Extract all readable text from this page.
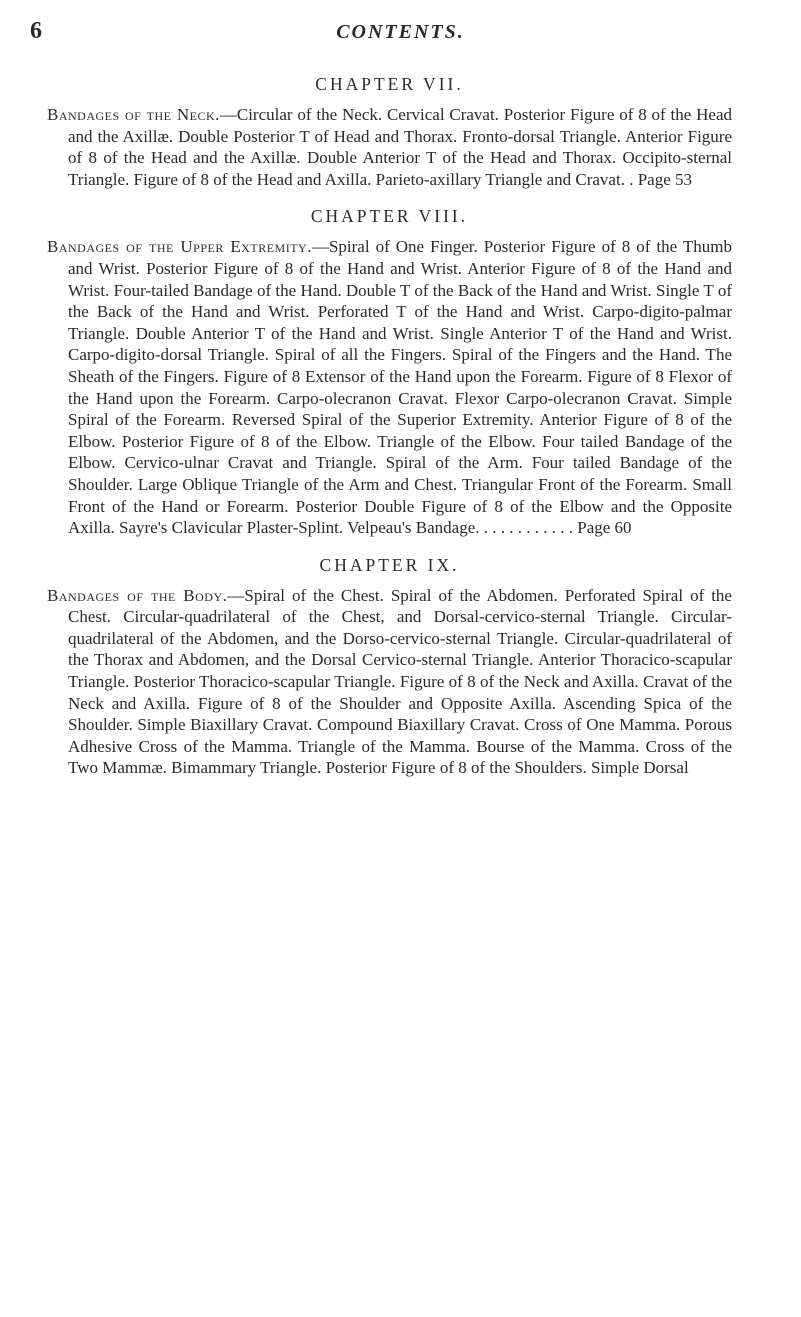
6	CONTENTS.
CHAPTER VII.

Bandages of the Neck.—Circular of the Neck. Cervical Cravat. Posterior Figure of 8 of the Head and the Axillæ. Double Posterior T of Head and Thorax. Fronto-dorsal Triangle. Anterior Figure of 8 of the Head and the Axillæ. Double Anterior T of the Head and Thorax. Occipito-sternal Triangle. Figure of 8 of the Head and Axilla. Parieto-axillary Triangle and Cravat. . Page 53

CHAPTER VIII.

Bandages of the Upper Extremity.—Spiral of One Finger. Posterior Figure of 8 of the Thumb and Wrist. Posterior Figure of 8 of the Hand and Wrist. Anterior Figure of 8 of the Hand and Wrist. Four-tailed Bandage of the Hand. Double T of the Back of the Hand and Wrist. Single T of the Back of the Hand and Wrist. Perforated T of the Hand and Wrist. Carpo-digito-palmar Triangle. Double Anterior T of the Hand and Wrist. Single Anterior T of the Hand and Wrist. Carpo-digito-dorsal Triangle. Spiral of all the Fingers. Spiral of the Fingers and the Hand. The Sheath of the Fingers. Figure of 8 Extensor of the Hand upon the Forearm. Figure of 8 Flexor of the Hand upon the Forearm. Carpo-olecranon Cravat. Flexor Carpo-olecranon Cravat. Simple Spiral of the Forearm. Reversed Spiral of the Superior Extremity. Anterior Figure of 8 of the Elbow. Posterior Figure of 8 of the Elbow. Triangle of the Elbow. Four tailed Bandage of the Elbow. Cervico-ulnar Cravat and Triangle. Spiral of the Arm. Four tailed Bandage of the Shoulder. Large Oblique Triangle of the Arm and Chest. Triangular Front of the Forearm. Small Front of the Hand or Forearm. Posterior Double Figure of 8 of the Elbow and the Opposite Axilla. Sayre's Clavicular Plaster-Splint. Velpeau's Bandage. . . . . . . . . . . . Page 60

CHAPTER IX.

Bandages of the Body.—Spiral of the Chest. Spiral of the Abdomen. Perforated Spiral of the Chest. Circular-quadrilateral of the Chest, and Dorsal-cervico-sternal Triangle. Circular-quadrilateral of the Abdomen, and the Dorso-cervico-sternal Triangle. Circular-quadrilateral of the Thorax and Abdomen, and the Dorsal Cervico-sternal Triangle. Anterior Thoracico-scapular Triangle. Posterior Thoracico-scapular Triangle. Figure of 8 of the Neck and Axilla. Cravat of the Neck and Axilla. Figure of 8 of the Shoulder and Opposite Axilla. Ascending Spica of the Shoulder. Simple Biaxillary Cravat. Compound Biaxillary Cravat. Cross of One Mamma. Porous Adhesive Cross of the Mamma. Triangle of the Mamma. Bourse of the Mamma. Cross of the Two Mammæ. Bimammary Triangle. Posterior Figure of 8 of the Shoulders. Simple Dorsal
